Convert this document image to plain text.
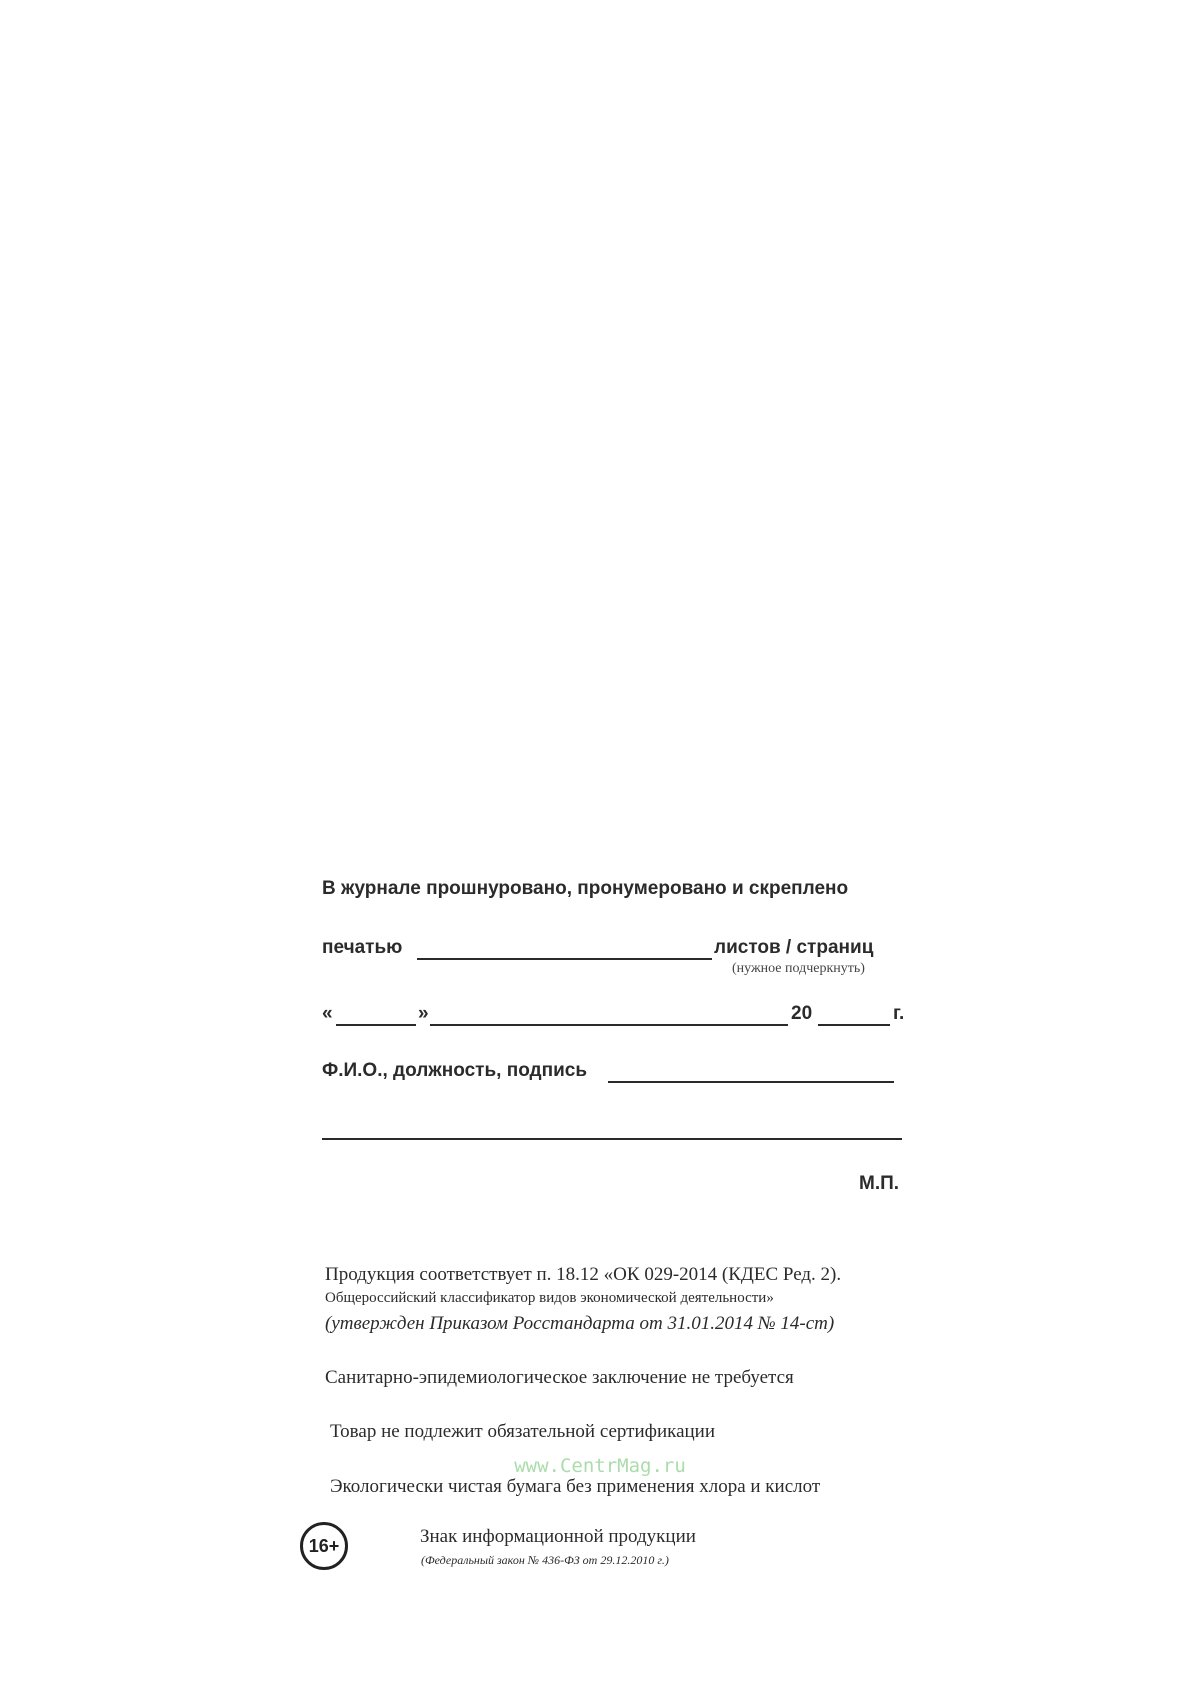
В журнале прошнуровано, пронумеровано и скреплено
печатью	листов / страниц
(нужное подчеркнуть)
«	»	20	г.
Ф.И.О., должность, подпись
М.П.
Продукция соответствует п. 18.12 «ОК 029-2014 (КДЕС Ред. 2).
Общероссийский классификатор видов экономической деятельности»
(утвержден Приказом Росстандарта от 31.01.2014 № 14-ст)
Санитарно-эпидемиологическое заключение не требуется
Товар не подлежит обязательной сертификации
www.CentrMag.ru
Экологически чистая бумага без применения хлора и кислот
16+	Знак информационной продукции
(Федеральный закон № 436-ФЗ от 29.12.2010 г.)
